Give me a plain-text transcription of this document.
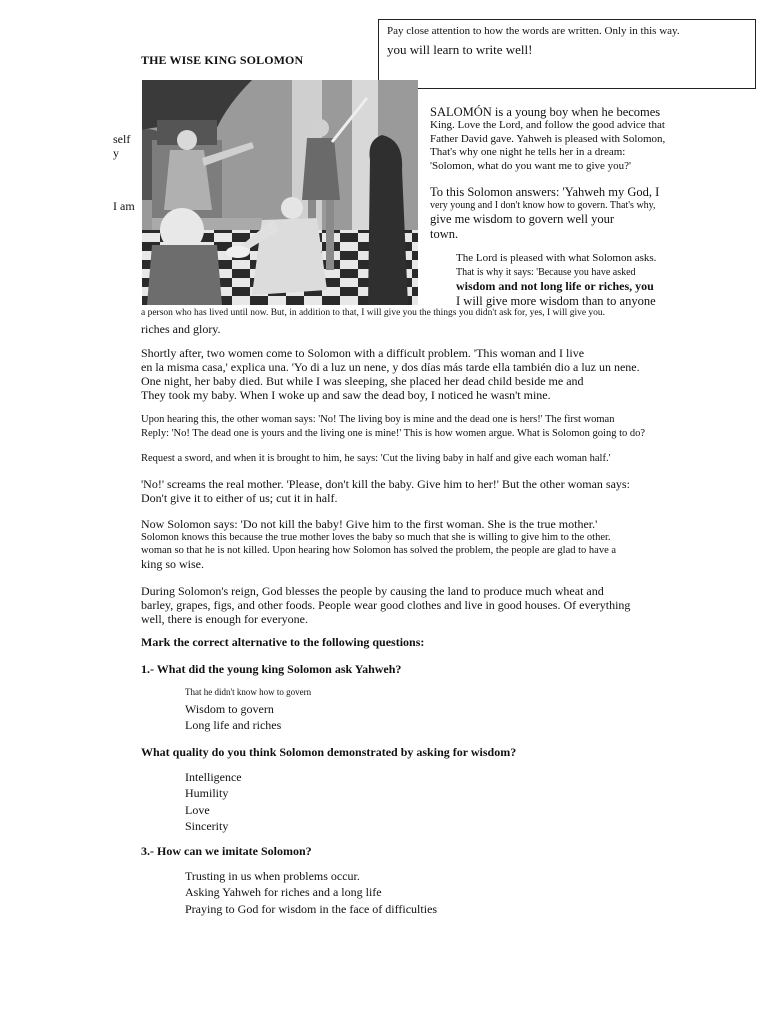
Pay close attention to how the words are written. Only in this way.
you will learn to write well!
THE WISE KING SOLOMON
self
y
I am

SALOMÓN is a young boy when he becomes

King. Love the Lord, and follow the good advice that

Father David gave. Yahweh is pleased with Solomon,

That's why one night he tells her in a dream:

'Solomon, what do you want me to give you?'

To this Solomon answers: 'Yahweh my God, I

very young and I don't know how to govern. That's why,

give me wisdom to govern well your

town.

The Lord is pleased with what Solomon asks.

That is why it says: 'Because you have asked

wisdom and not long life or riches, you

I will give more wisdom than to anyone

a person who has lived until now. But, in addition to that, I will give you the things you didn't ask for, yes, I will give you.

riches and glory.

Shortly after, two women come to Solomon with a difficult problem. 'This woman and I live

en la misma casa,' explica una. 'Yo di a luz un nene, y dos días más tarde ella también dio a luz un nene.

One night, her baby died. But while I was sleeping, she placed her dead child beside me and

They took my baby. When I woke up and saw the dead boy, I noticed he wasn't mine.

Upon hearing this, the other woman says: 'No! The living boy is mine and the dead one is hers!' The first woman

Reply: 'No! The dead one is yours and the living one is mine!' This is how women argue. What is Solomon going to do?

Request a sword, and when it is brought to him, he says: 'Cut the living baby in half and give each woman half.'

'No!' screams the real mother. 'Please, don't kill the baby. Give him to her!' But the other woman says:

Don't give it to either of us; cut it in half.

Now Solomon says: 'Do not kill the baby! Give him to the first woman. She is the true mother.'

Solomon knows this because the true mother loves the baby so much that she is willing to give him to the other.

woman so that he is not killed. Upon hearing how Solomon has solved the problem, the people are glad to have a

king so wise.

During Solomon's reign, God blesses the people by causing the land to produce much wheat and

barley, grapes, figs, and other foods. People wear good clothes and live in good houses. Of everything

well, there is enough for everyone.

Mark the correct alternative to the following questions:
1.- What did the young king Solomon ask Yahweh?
That he didn't know how to govern
Wisdom to govern
Long life and riches
What quality do you think Solomon demonstrated by asking for wisdom?
Intelligence
Humility
Love
Sincerity
3.- How can we imitate Solomon?
Trusting in us when problems occur.
Asking Yahweh for riches and a long life
Praying to God for wisdom in the face of difficulties
